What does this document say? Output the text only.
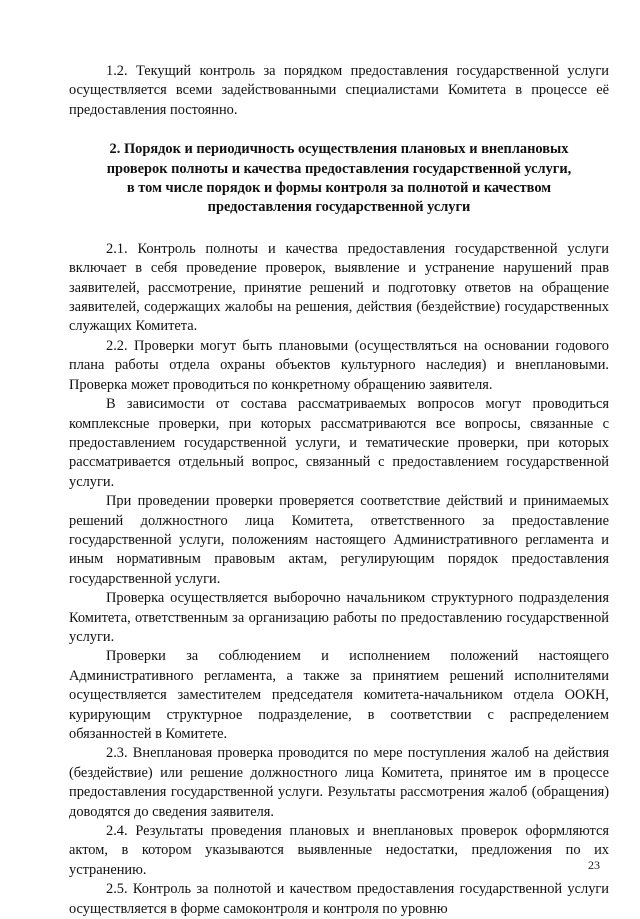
1.2. Текущий контроль за порядком предоставления государственной услуги осуществляется всеми задействованными специалистами Комитета в процессе её предоставления постоянно.

2. Порядок и периодичность осуществления плановых и внеплановых
проверок полноты и качества предоставления государственной услуги,
в том числе порядок и формы контроля за полнотой и качеством
предоставления государственной услуги

2.1. Контроль полноты и качества предоставления государственной услуги включает в себя проведение проверок, выявление и устранение нарушений прав заявителей, рассмотрение, принятие решений и подготовку ответов на обращение заявителей, содержащих жалобы на решения, действия (бездействие) государственных служащих Комитета.

2.2. Проверки могут быть плановыми (осуществляться на основании годового плана работы отдела охраны объектов культурного наследия) и внеплановыми. Проверка может проводиться по конкретному обращению заявителя.

В зависимости от состава рассматриваемых вопросов могут проводиться комплексные проверки, при которых рассматриваются все вопросы, связанные с предоставлением государственной услуги, и тематические проверки, при которых рассматривается отдельный вопрос, связанный с предоставлением государственной услуги.

При проведении проверки проверяется соответствие действий и принимаемых решений должностного лица Комитета, ответственного за предоставление государственной услуги, положениям настоящего Административного регламента и иным нормативным правовым актам, регулирующим порядок предоставления государственной услуги.

Проверка осуществляется выборочно начальником структурного подразделения Комитета, ответственным за организацию работы по предоставлению государственной услуги.

Проверки за соблюдением и исполнением положений настоящего Административного регламента, а также за принятием решений исполнителями осуществляется заместителем председателя комитета-начальником отдела ООКН, курирующим структурное подразделение, в соответствии с распределением обязанностей в Комитете.

2.3. Внеплановая проверка проводится по мере поступления жалоб на действия (бездействие) или решение должностного лица Комитета, принятое им в процессе предоставления государственной услуги. Результаты рассмотрения жалоб (обращения) доводятся до сведения заявителя.

2.4. Результаты проведения плановых и внеплановых проверок оформляются актом, в котором указываются выявленные недостатки, предложения по их устранению.

2.5. Контроль за полнотой и качеством предоставления государственной услуги осуществляется в форме самоконтроля и контроля по уровню

23
